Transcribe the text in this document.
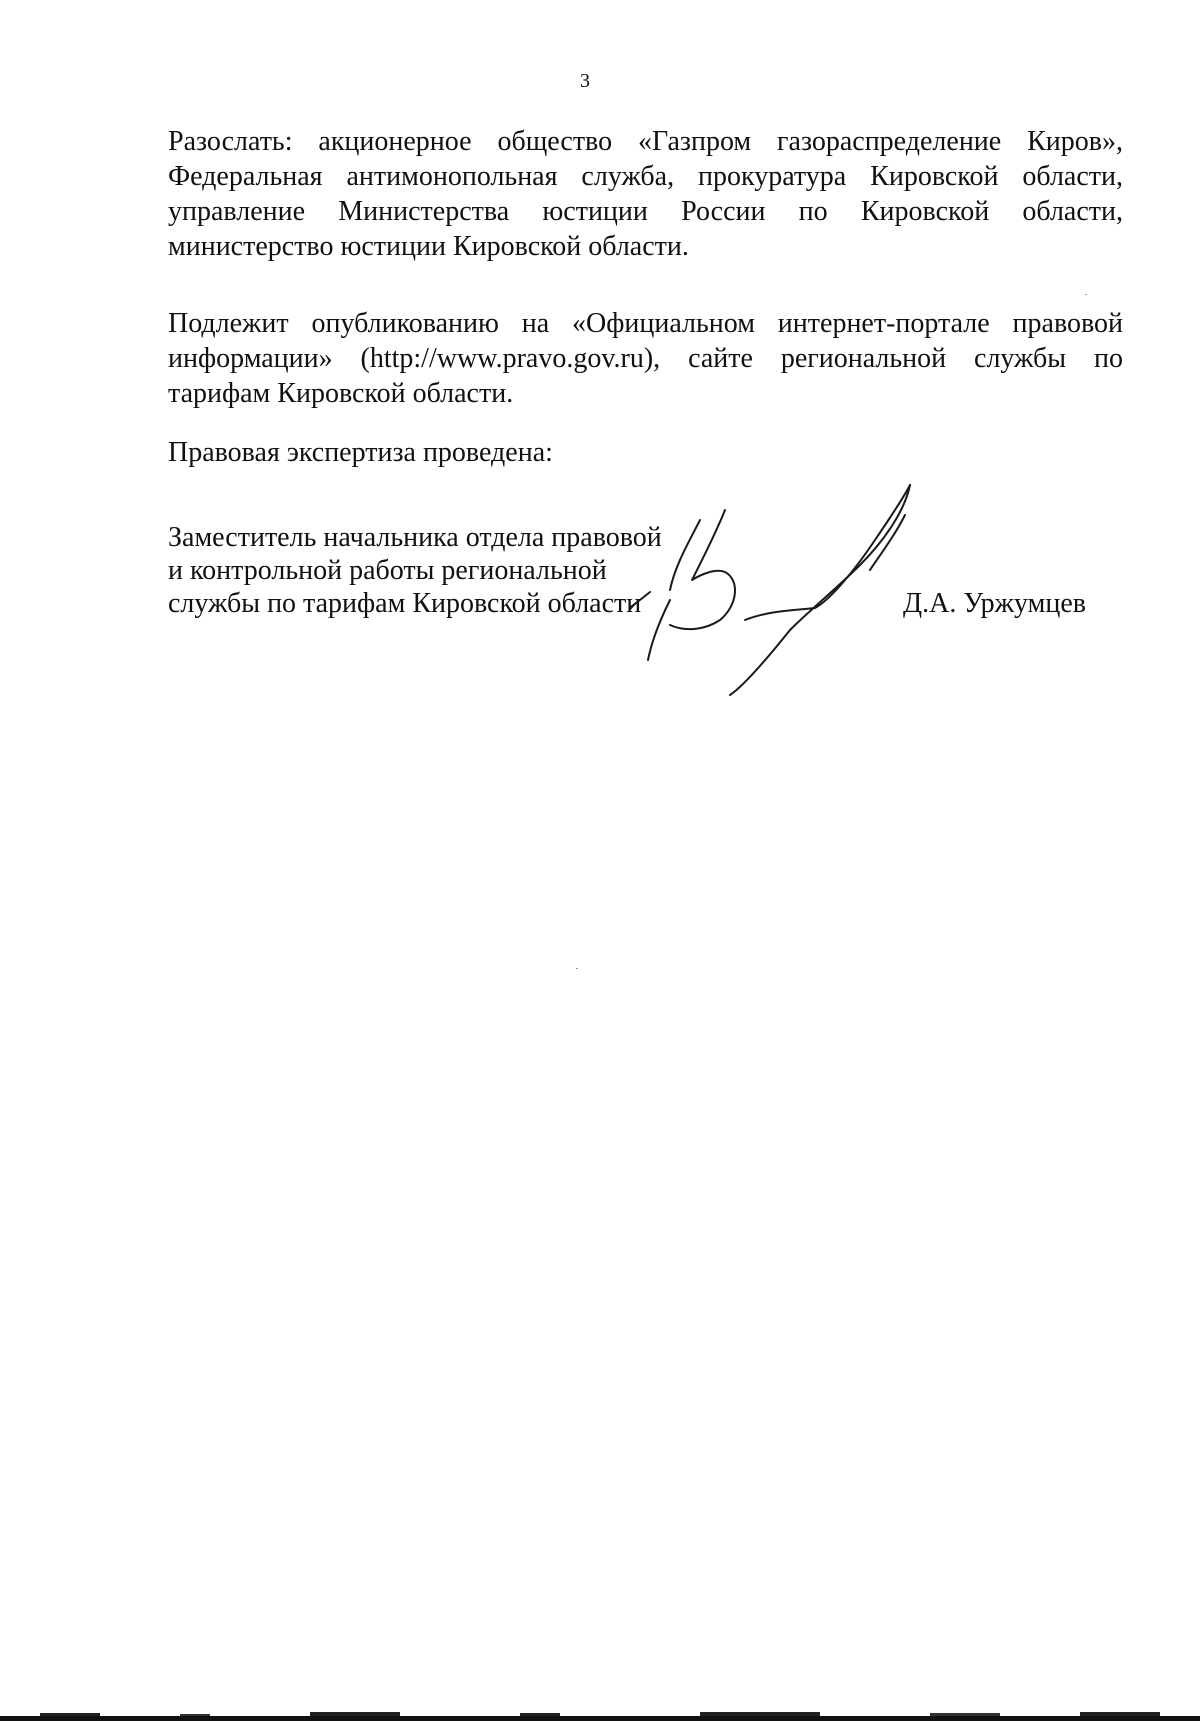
3
Разослать: акционерное общество «Газпром газораспределение Киров»,
Федеральная антимонопольная служба, прокуратура Кировской области,
управление Министерства юстиции России по Кировской области,
министерство юстиции Кировской области.
Подлежит опубликованию на «Официальном интернет-портале правовой
информации» (http://www.pravo.gov.ru), сайте региональной службы по
тарифам Кировской области.
Правовая экспертиза проведена:
Заместитель начальника отдела правовой
и контрольной работы региональной
службы по тарифам Кировской области	Д.А. Уржумцев
